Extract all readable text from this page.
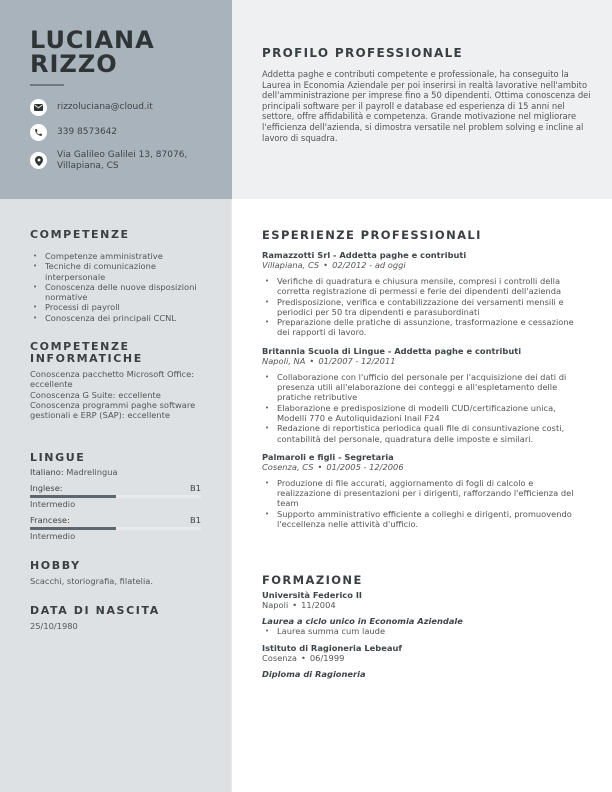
LUCIANA
RIZZO
rizzoluciana@cloud.it
339 8573642
Via Galileo Galilei 13, 87076,
Villapiana, CS
PROFILO PROFESSIONALE
Addetta paghe e contributi competente e professionale, ha conseguito la Laurea in Economia Aziendale per poi inserirsi in realtà lavorative nell'ambito dell'amministrazione per imprese fino a 50 dipendenti. Ottima conoscenza dei principali software per il payroll e database ed esperienza di 15 anni nel settore, offre affidabilità e competenza. Grande motivazione nel migliorare l'efficienza dell'azienda, si dimostra versatile nel problem solving e incline al lavoro di squadra.
COMPETENZE
• Competenze amministrative
• Tecniche di comunicazione interpersonale
• Conoscenza delle nuove disposizioni normative
• Processi di payroll
• Conoscenza dei principali CCNL
COMPETENZE
INFORMATICHE
Conoscenza pacchetto Microsoft Office: eccellente
Conoscenza G Suite: eccellente
Conoscenza programmi paghe software gestionali e ERP (SAP): eccellente
LINGUE
Italiano: Madrelingua
Inglese:	B1
Intermedio
Francese:	B1
Intermedio
HOBBY
Scacchi, storiografia, filatelia.
DATA DI NASCITA
25/10/1980
ESPERIENZE PROFESSIONALI
Ramazzotti Srl - Addetta paghe e contributi
Villapiana, CS • 02/2012 - ad oggi
• Verifiche di quadratura e chiusura mensile, compresi i controlli della corretta registrazione di permessi e ferie dei dipendenti dell'azienda
• Predisposizione, verifica e contabilizzazione dei versamenti mensili e periodici per 50 tra dipendenti e parasubordinati
• Preparazione delle pratiche di assunzione, trasformazione e cessazione dei rapporti di lavoro.
Britannia Scuola di Lingue - Addetta paghe e contributi
Napoli, NA • 01/2007 - 12/2011
• Collaborazione con l'ufficio del personale per l'acquisizione dei dati di presenza utili all'elaborazione dei conteggi e all'espletamento delle pratiche retributive
• Elaborazione e predisposizione di modelli CUD/certificazione unica, Modelli 770 e Autoliquidazioni Inail F24
• Redazione di reportistica periodica quali file di consuntivazione costi, contabilità del personale, quadratura delle imposte e similari.
Palmaroli e figli - Segretaria
Cosenza, CS • 01/2005 - 12/2006
• Produzione di file accurati, aggiornamento di fogli di calcolo e realizzazione di presentazioni per i dirigenti, rafforzando l'efficienza del team
• Supporto amministrativo efficiente a colleghi e dirigenti, promuovendo l'eccellenza nelle attività d'ufficio.
FORMAZIONE
Università Federico II
Napoli • 11/2004
Laurea a ciclo unico in Economia Aziendale
• Laurea summa cum laude
Istituto di Ragioneria Lebeauf
Cosenza • 06/1999
Diploma di Ragioneria
